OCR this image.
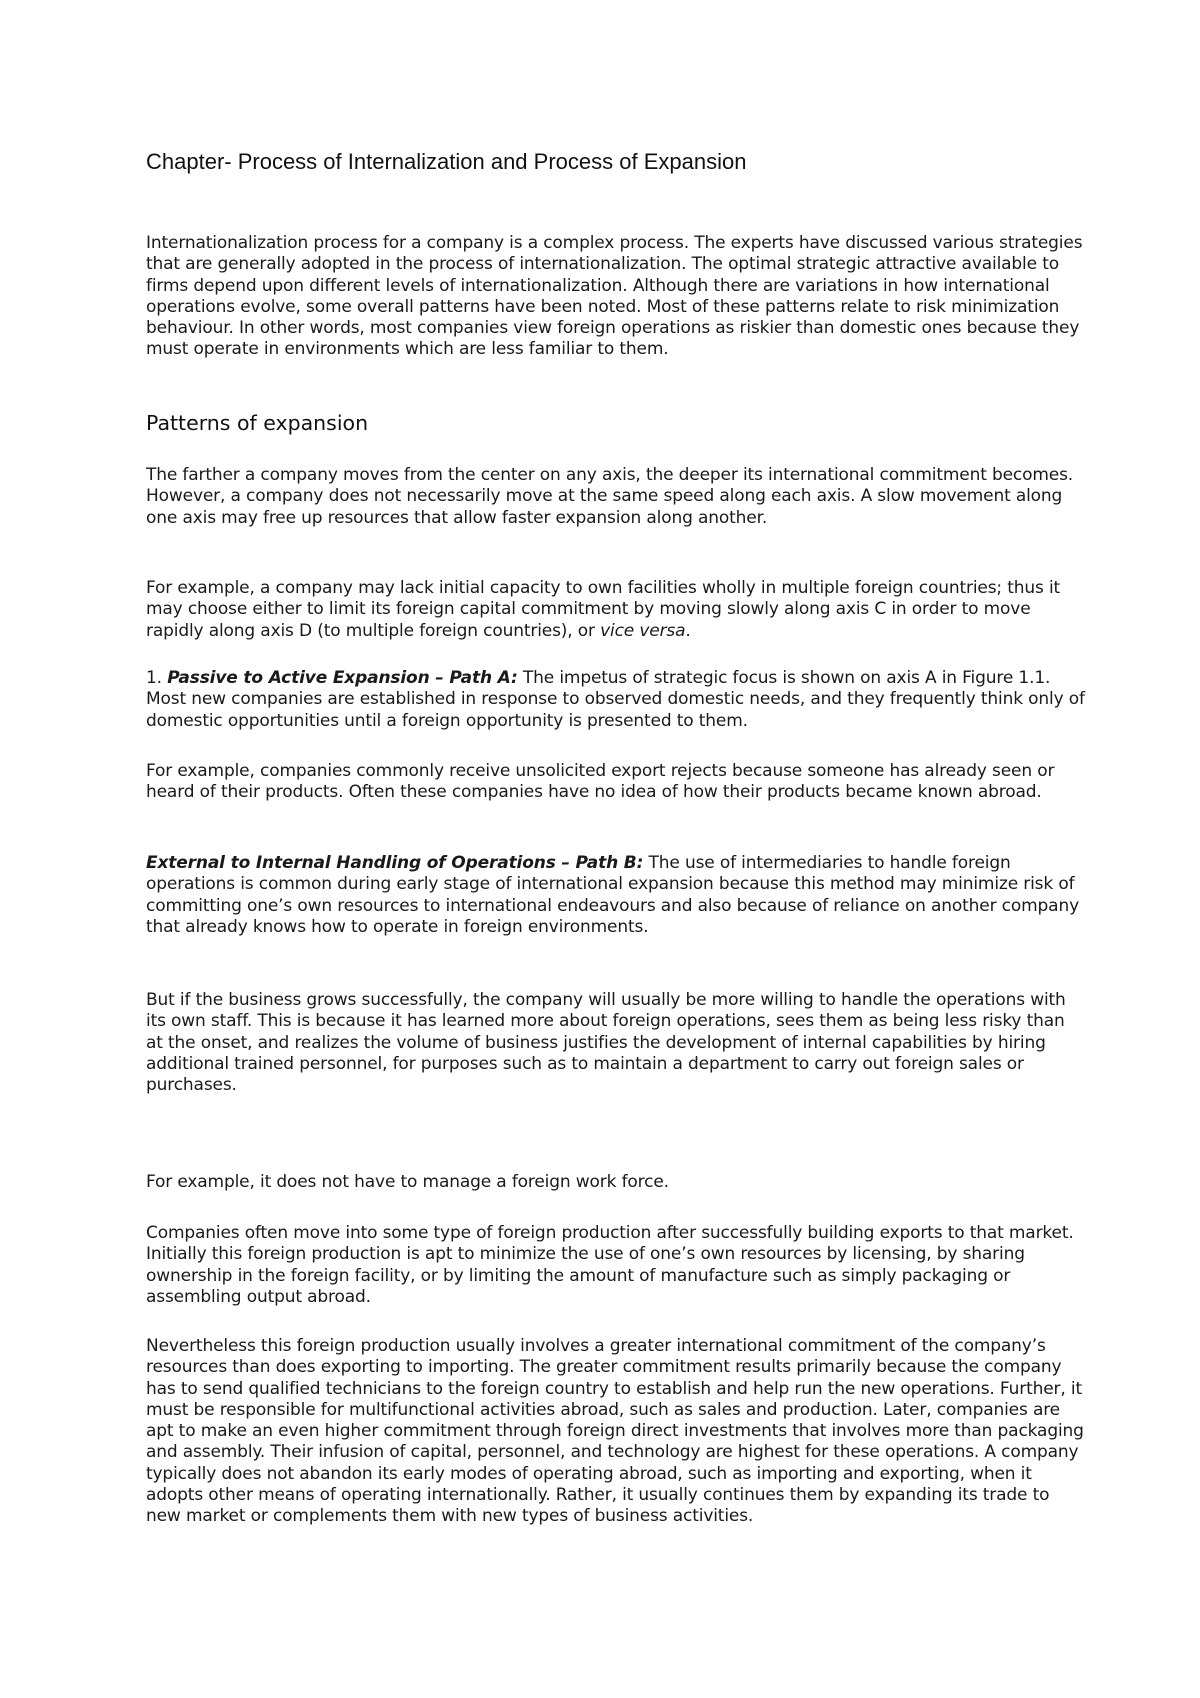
Chapter- Process of Internalization and Process of Expansion

Internationalization process for a company is a complex process. The experts have discussed various strategies that are generally adopted in the process of internationalization. The optimal strategic attractive available to firms depend upon different levels of internationalization. Although there are variations in how international operations evolve, some overall patterns have been noted. Most of these patterns relate to risk minimization behaviour. In other words, most companies view foreign operations as riskier than domestic ones because they must operate in environments which are less familiar to them.

Patterns of expansion

The farther a company moves from the center on any axis, the deeper its international commitment becomes. However, a company does not necessarily move at the same speed along each axis. A slow movement along one axis may free up resources that allow faster expansion along another.

For example, a company may lack initial capacity to own facilities wholly in multiple foreign countries; thus it may choose either to limit its foreign capital commitment by moving slowly along axis C in order to move rapidly along axis D (to multiple foreign countries), or vice versa.

1. Passive to Active Expansion – Path A: The impetus of strategic focus is shown on axis A in Figure 1.1. Most new companies are established in response to observed domestic needs, and they frequently think only of domestic opportunities until a foreign opportunity is presented to them.

For example, companies commonly receive unsolicited export rejects because someone has already seen or heard of their products. Often these companies have no idea of how their products became known abroad.

External to Internal Handling of Operations – Path B: The use of intermediaries to handle foreign operations is common during early stage of international expansion because this method may minimize risk of committing one’s own resources to international endeavours and also because of reliance on another company that already knows how to operate in foreign environments.

But if the business grows successfully, the company will usually be more willing to handle the operations with its own staff. This is because it has learned more about foreign operations, sees them as being less risky than at the onset, and realizes the volume of business justifies the development of internal capabilities by hiring additional trained personnel, for purposes such as to maintain a department to carry out foreign sales or purchases.

For example, it does not have to manage a foreign work force.

Companies often move into some type of foreign production after successfully building exports to that market. Initially this foreign production is apt to minimize the use of one’s own resources by licensing, by sharing ownership in the foreign facility, or by limiting the amount of manufacture such as simply packaging or assembling output abroad.

Nevertheless this foreign production usually involves a greater international commitment of the company’s resources than does exporting to importing. The greater commitment results primarily because the company has to send qualified technicians to the foreign country to establish and help run the new operations. Further, it must be responsible for multifunctional activities abroad, such as sales and production. Later, companies are apt to make an even higher commitment through foreign direct investments that involves more than packaging and assembly. Their infusion of capital, personnel, and technology are highest for these operations. A company typically does not abandon its early modes of operating abroad, such as importing and exporting, when it adopts other means of operating internationally. Rather, it usually continues them by expanding its trade to new market or complements them with new types of business activities.
